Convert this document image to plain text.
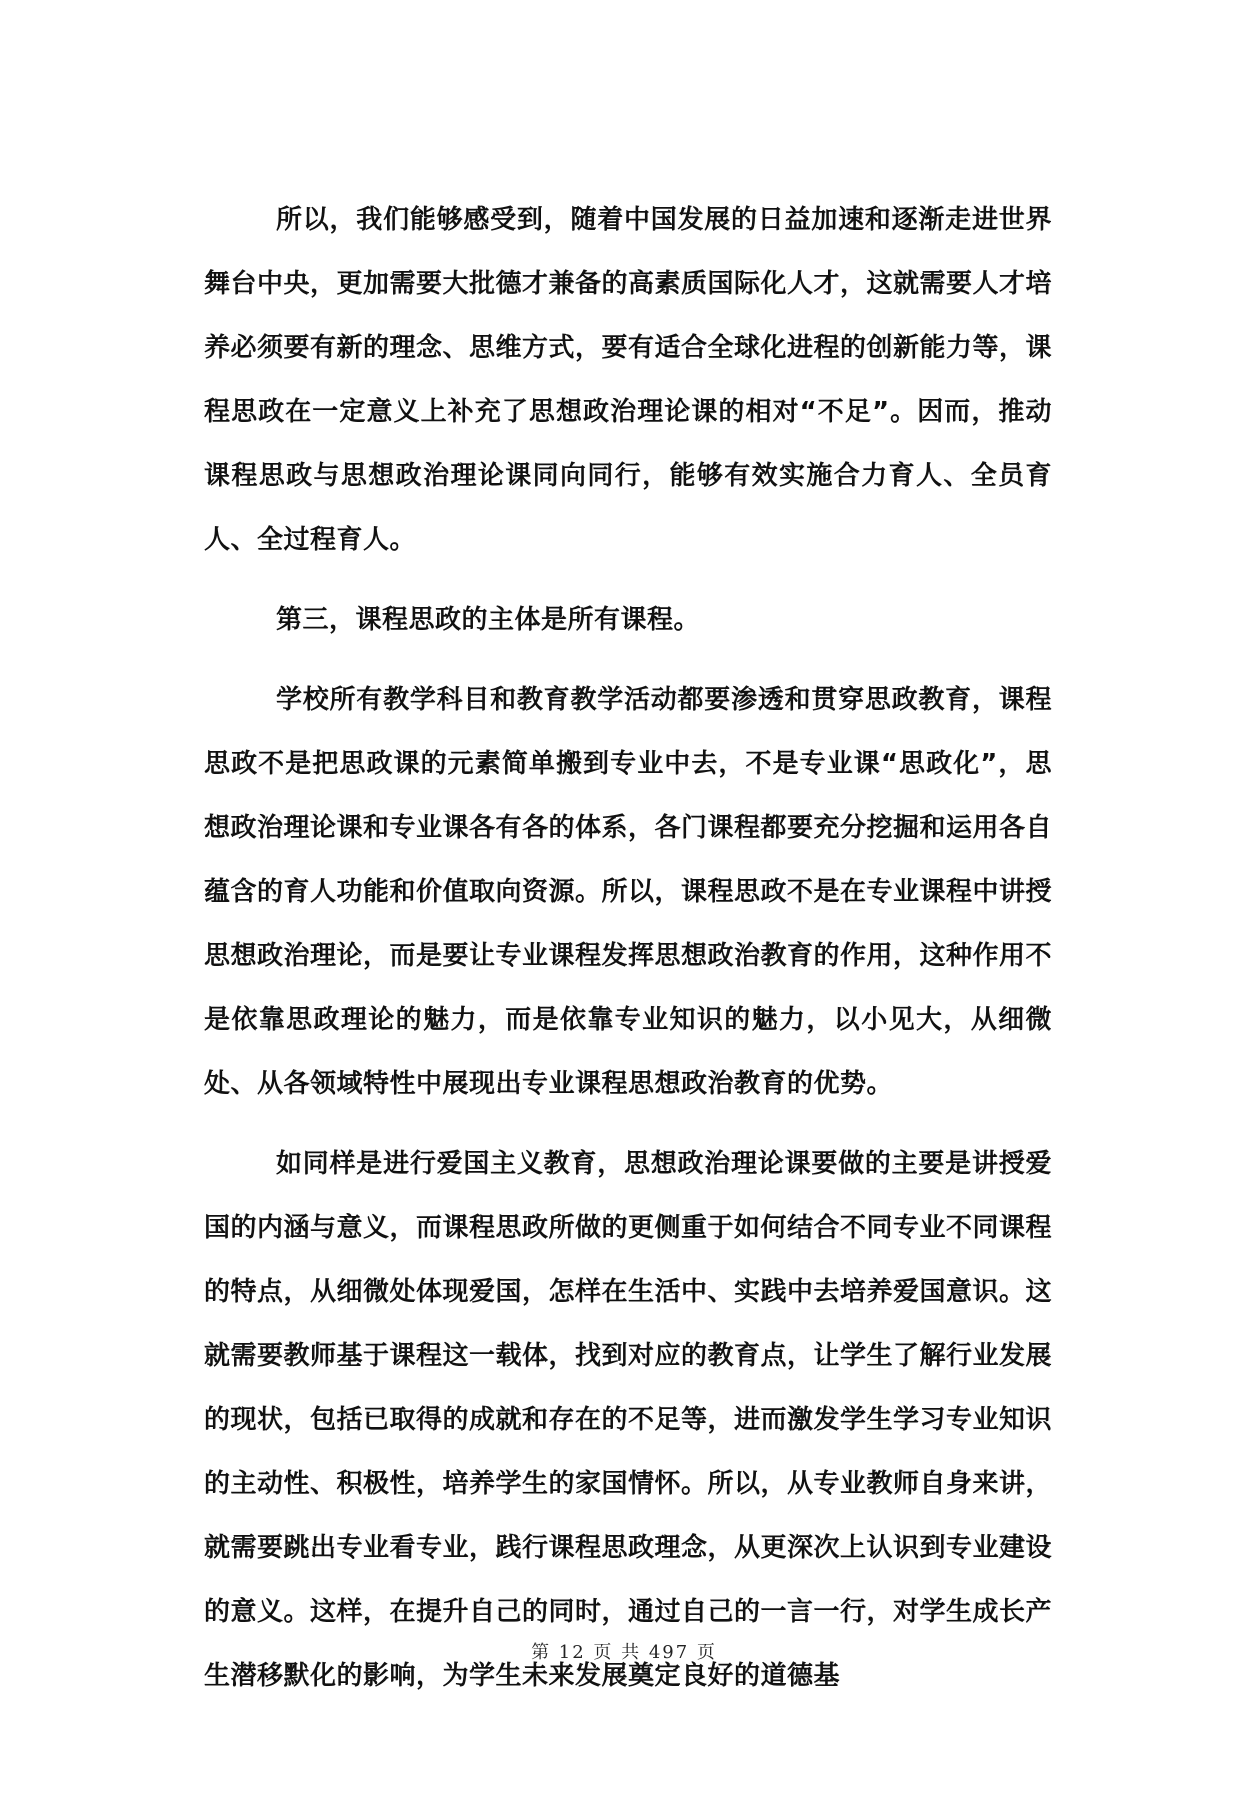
所以，我们能够感受到，随着中国发展的日益加速和逐渐走进世界舞台中央，更加需要大批德才兼备的高素质国际化人才，这就需要人才培养必须要有新的理念、思维方式，要有适合全球化进程的创新能力等，课程思政在一定意义上补充了思想政治理论课的相对“不足”。因而，推动课程思政与思想政治理论课同向同行，能够有效实施合力育人、全员育人、全过程育人。

第三，课程思政的主体是所有课程。

学校所有教学科目和教育教学活动都要渗透和贯穿思政教育，课程思政不是把思政课的元素简单搬到专业中去，不是专业课“思政化”，思想政治理论课和专业课各有各的体系，各门课程都要充分挖掘和运用各自蕴含的育人功能和价值取向资源。所以，课程思政不是在专业课程中讲授思想政治理论，而是要让专业课程发挥思想政治教育的作用，这种作用不是依靠思政理论的魅力，而是依靠专业知识的魅力，以小见大，从细微处、从各领域特性中展现出专业课程思想政治教育的优势。

如同样是进行爱国主义教育，思想政治理论课要做的主要是讲授爱国的内涵与意义，而课程思政所做的更侧重于如何结合不同专业不同课程的特点，从细微处体现爱国，怎样在生活中、实践中去培养爱国意识。这就需要教师基于课程这一载体，找到对应的教育点，让学生了解行业发展的现状，包括已取得的成就和存在的不足等，进而激发学生学习专业知识的主动性、积极性，培养学生的家国情怀。所以，从专业教师自身来讲，就需要跳出专业看专业，践行课程思政理念，从更深次上认识到专业建设的意义。这样，在提升自己的同时，通过自己的一言一行，对学生成长产生潜移默化的影响，为学生未来发展奠定良好的道德基

第 12 页 共 497 页
